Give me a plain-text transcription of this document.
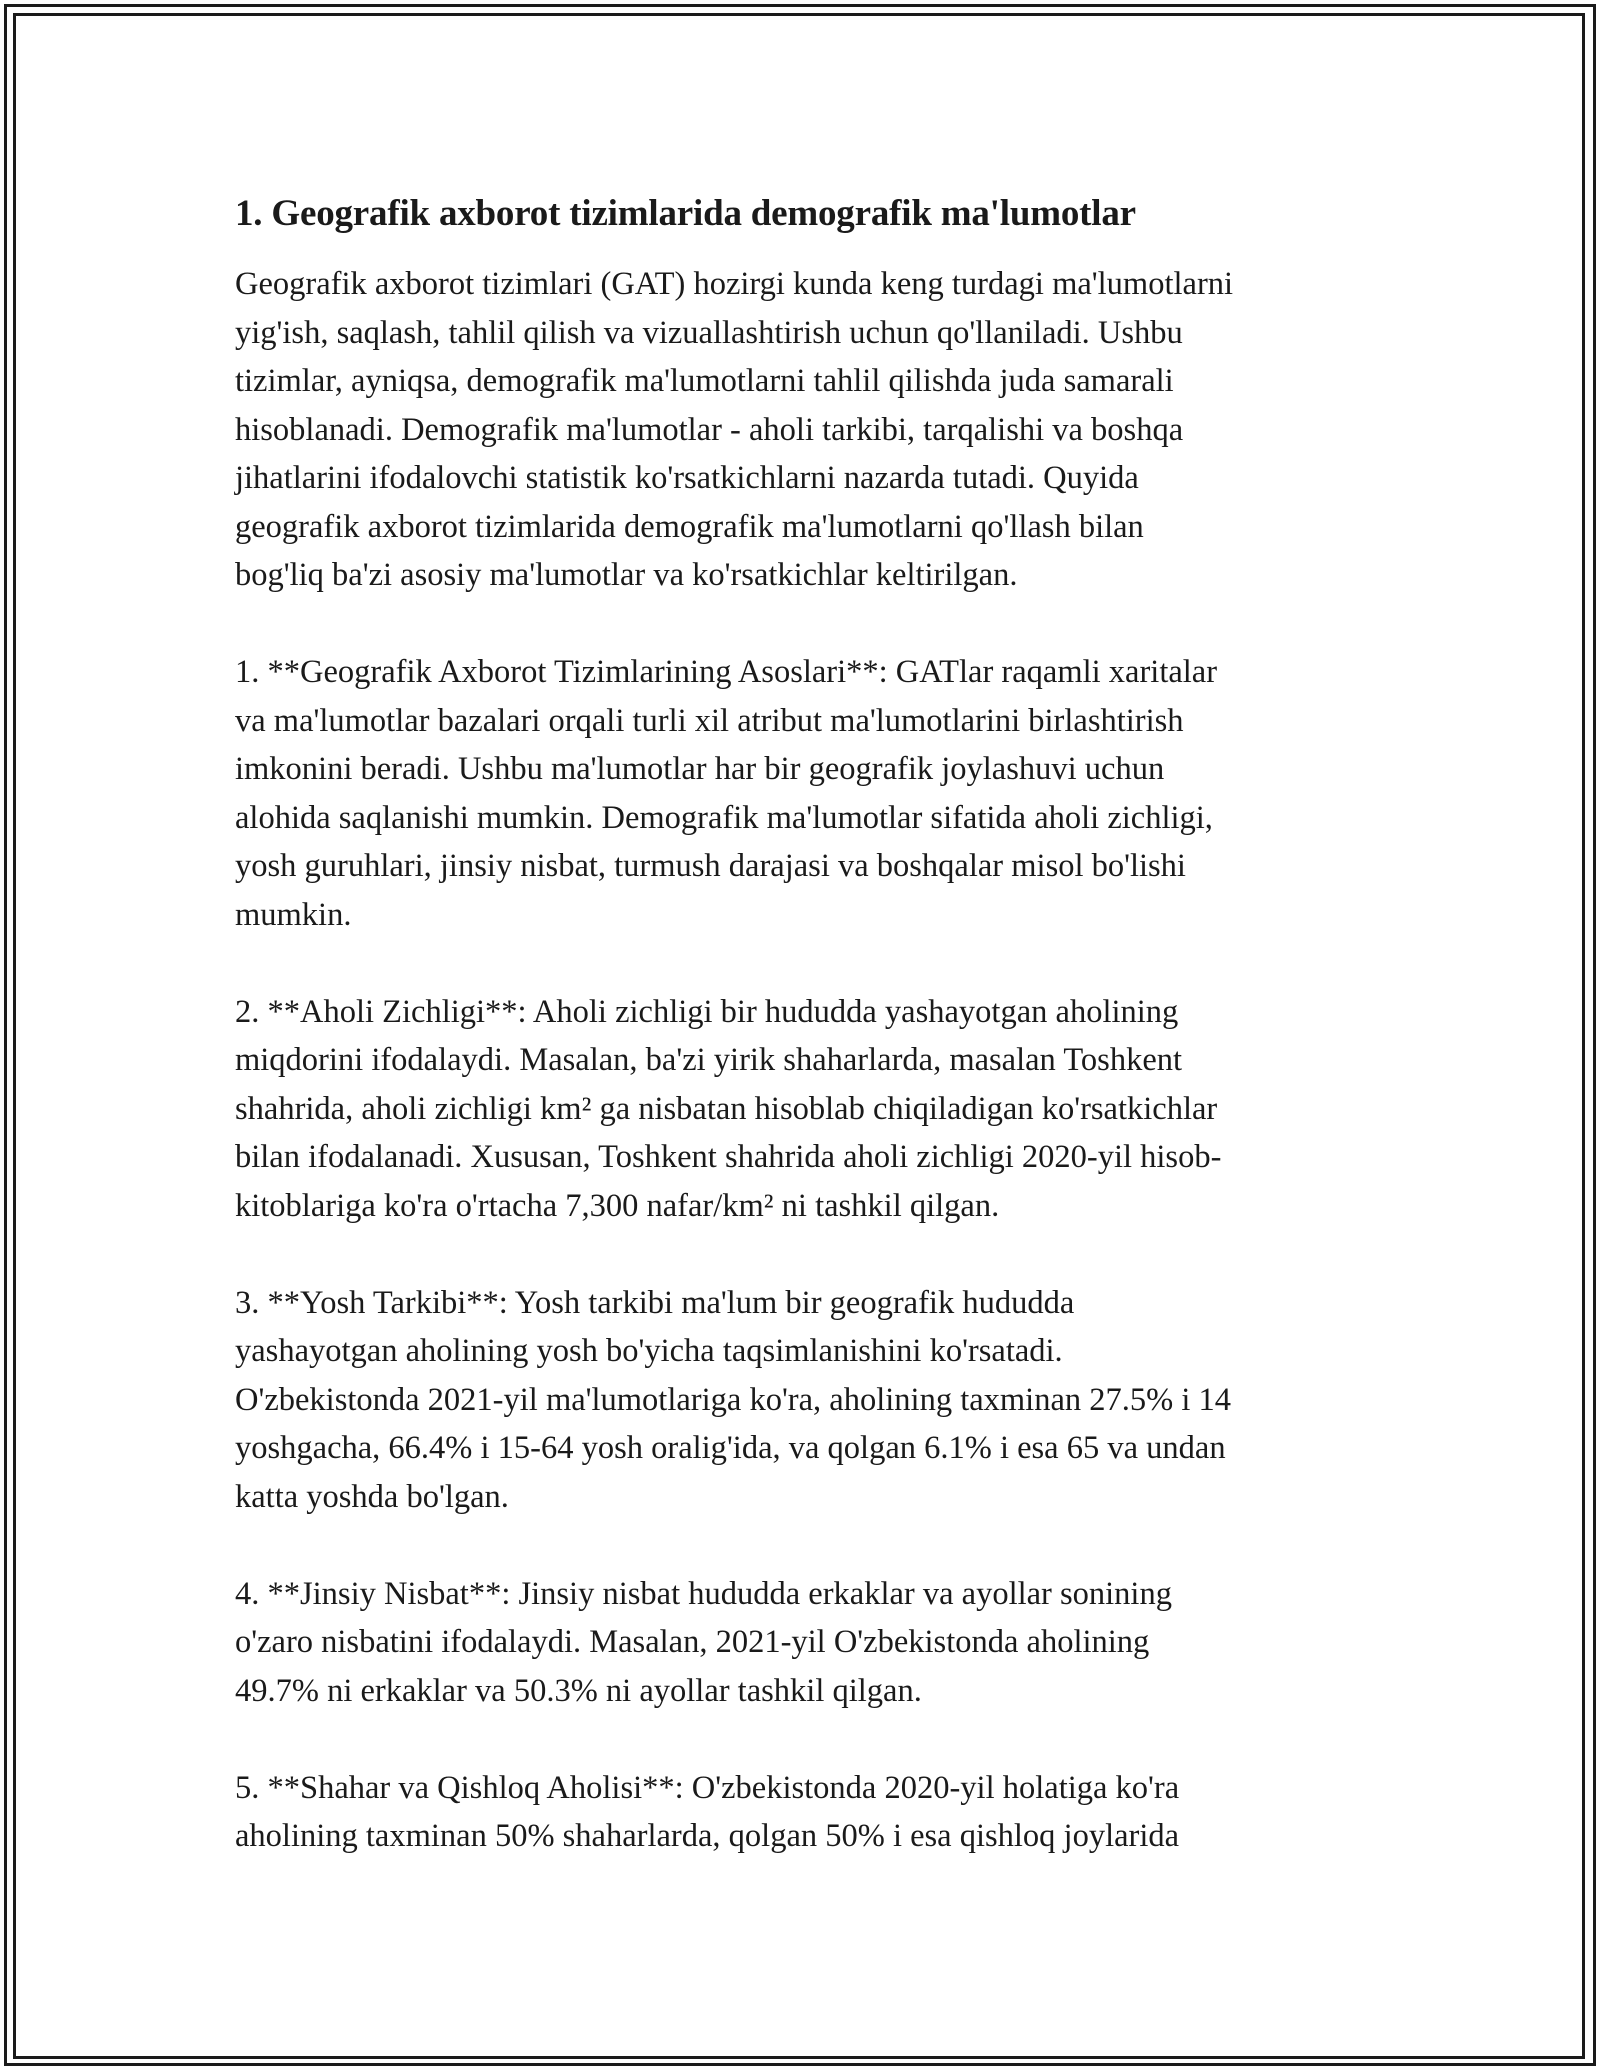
1. Geografik axborot tizimlarida demografik ma'lumotlar
Geografik axborot tizimlari (GAT) hozirgi kunda keng turdagi ma'lumotlarni
yig'ish, saqlash, tahlil qilish va vizuallashtirish uchun qo'llaniladi. Ushbu
tizimlar, ayniqsa, demografik ma'lumotlarni tahlil qilishda juda samarali
hisoblanadi. Demografik ma'lumotlar - aholi tarkibi, tarqalishi va boshqa
jihatlarini ifodalovchi statistik ko'rsatkichlarni nazarda tutadi. Quyida
geografik axborot tizimlarida demografik ma'lumotlarni qo'llash bilan
bog'liq ba'zi asosiy ma'lumotlar va ko'rsatkichlar keltirilgan.
1. **Geografik Axborot Tizimlarining Asoslari**: GATlar raqamli xaritalar
va ma'lumotlar bazalari orqali turli xil atribut ma'lumotlarini birlashtirish
imkonini beradi. Ushbu ma'lumotlar har bir geografik joylashuvi uchun
alohida saqlanishi mumkin. Demografik ma'lumotlar sifatida aholi zichligi,
yosh guruhlari, jinsiy nisbat, turmush darajasi va boshqalar misol bo'lishi
mumkin.
2. **Aholi Zichligi**: Aholi zichligi bir hududda yashayotgan aholining
miqdorini ifodalaydi. Masalan, ba'zi yirik shaharlarda, masalan Toshkent
shahrida, aholi zichligi km² ga nisbatan hisoblab chiqiladigan ko'rsatkichlar
bilan ifodalanadi. Xususan, Toshkent shahrida aholi zichligi 2020-yil hisob-
kitoblariga ko'ra o'rtacha 7,300 nafar/km² ni tashkil qilgan.
3. **Yosh Tarkibi**: Yosh tarkibi ma'lum bir geografik hududda
yashayotgan aholining yosh bo'yicha taqsimlanishini ko'rsatadi.
O'zbekistonda 2021-yil ma'lumotlariga ko'ra, aholining taxminan 27.5% i 14
yoshgacha, 66.4% i 15-64 yosh oralig'ida, va qolgan 6.1% i esa 65 va undan
katta yoshda bo'lgan.
4. **Jinsiy Nisbat**: Jinsiy nisbat hududda erkaklar va ayollar sonining
o'zaro nisbatini ifodalaydi. Masalan, 2021-yil O'zbekistonda aholining
49.7% ni erkaklar va 50.3% ni ayollar tashkil qilgan.
5. **Shahar va Qishloq Aholisi**: O'zbekistonda 2020-yil holatiga ko'ra
aholining taxminan 50% shaharlarda, qolgan 50% i esa qishloq joylarida
